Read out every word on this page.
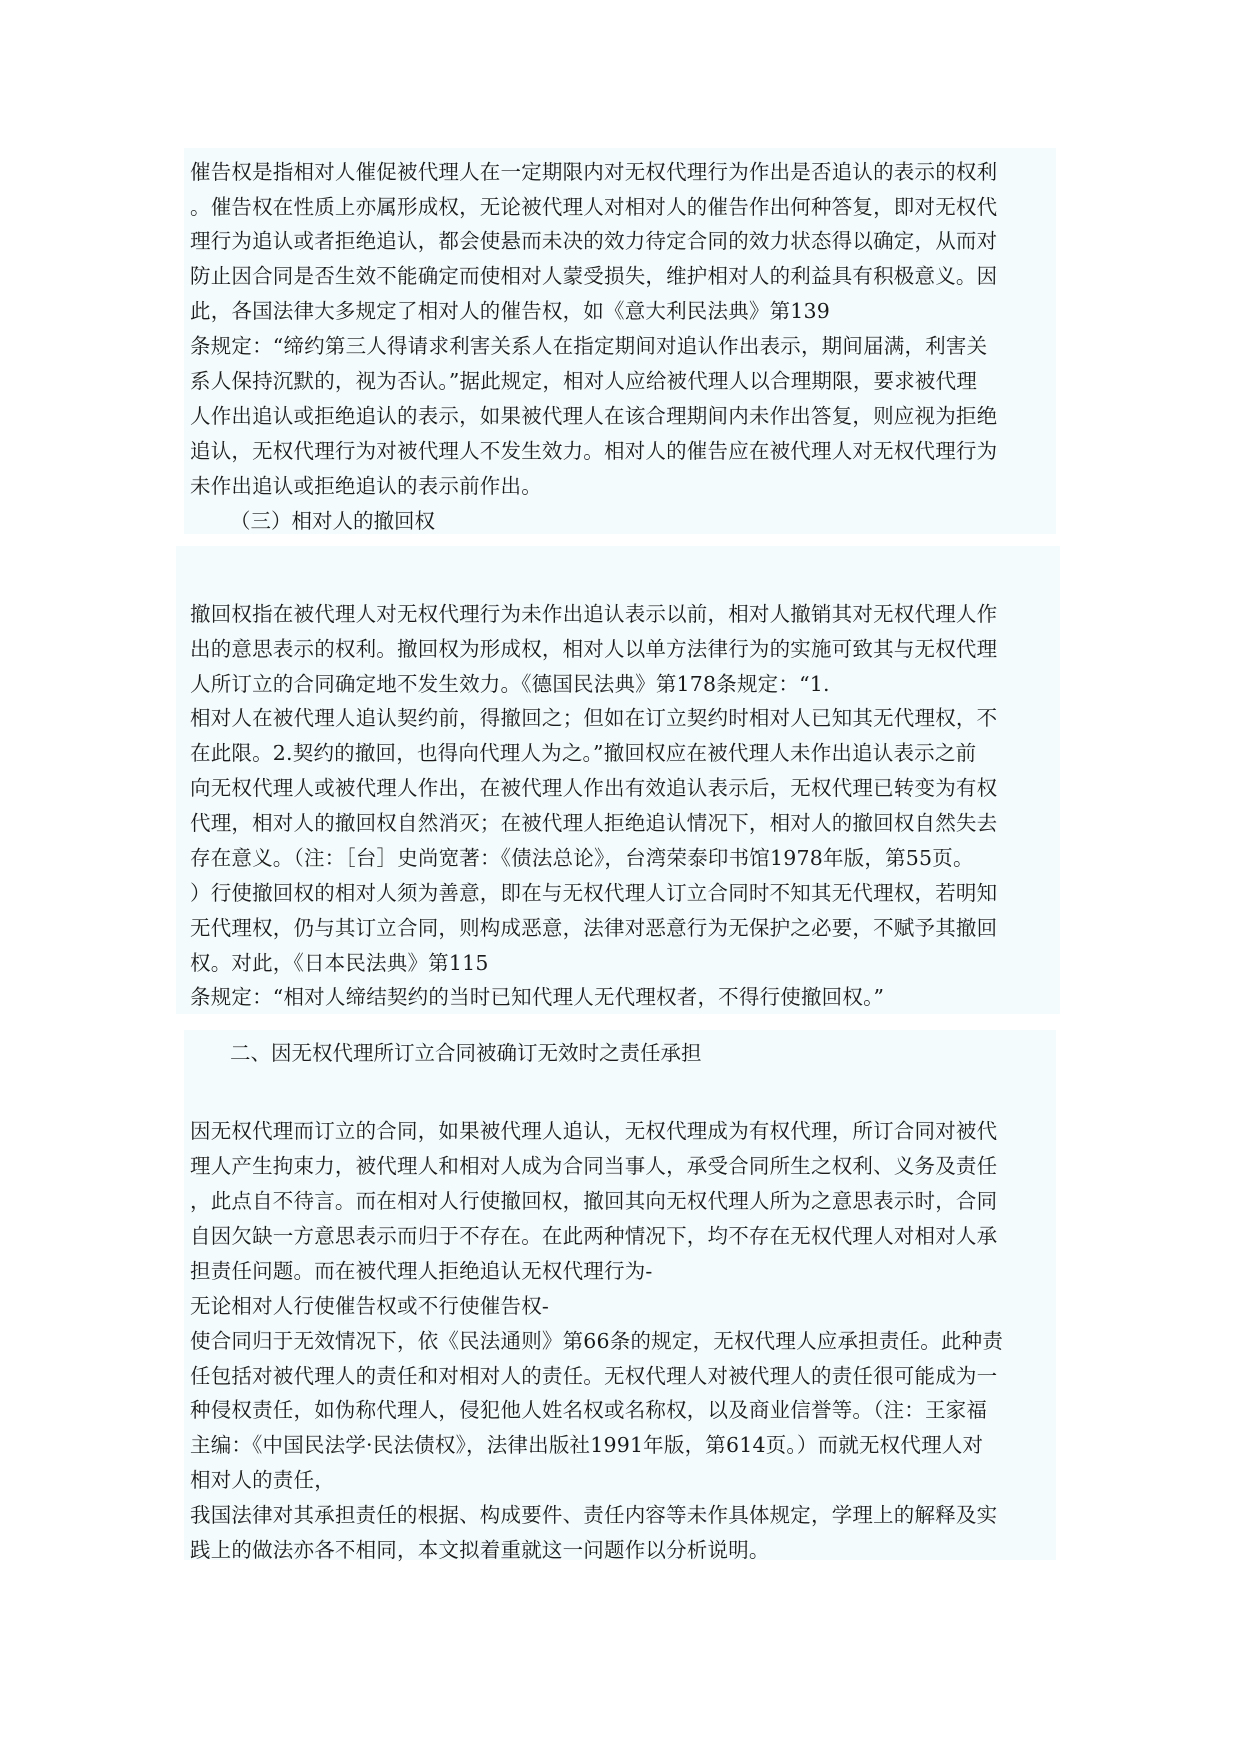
催告权是指相对人催促被代理人在一定期限内对无权代理行为作出是否追认的表示的权利
。催告权在性质上亦属形成权，无论被代理人对相对人的催告作出何种答复，即对无权代
理行为追认或者拒绝追认，都会使悬而未决的效力待定合同的效力状态得以确定，从而对
防止因合同是否生效不能确定而使相对人蒙受损失，维护相对人的利益具有积极意义。因
此，各国法律大多规定了相对人的催告权，如《意大利民法典》第139
条规定：“缔约第三人得请求利害关系人在指定期间对追认作出表示，期间届满，利害关
系人保持沉默的，视为否认。”据此规定，相对人应给被代理人以合理期限，要求被代理
人作出追认或拒绝追认的表示，如果被代理人在该合理期间内未作出答复，则应视为拒绝
追认，无权代理行为对被代理人不发生效力。相对人的催告应在被代理人对无权代理行为
未作出追认或拒绝追认的表示前作出。
（三）相对人的撤回权
撤回权指在被代理人对无权代理行为未作出追认表示以前，相对人撤销其对无权代理人作
出的意思表示的权利。撤回权为形成权，相对人以单方法律行为的实施可致其与无权代理
人所订立的合同确定地不发生效力。《德国民法典》第178条规定：“1.
相对人在被代理人追认契约前，得撤回之；但如在订立契约时相对人已知其无代理权，不
在此限。2.契约的撤回，也得向代理人为之。”撤回权应在被代理人未作出追认表示之前
向无权代理人或被代理人作出，在被代理人作出有效追认表示后，无权代理已转变为有权
代理，相对人的撤回权自然消灭；在被代理人拒绝追认情况下，相对人的撤回权自然失去
存在意义。（注：［台］史尚宽著：《债法总论》，台湾荣泰印书馆1978年版，第55页。
）行使撤回权的相对人须为善意，即在与无权代理人订立合同时不知其无代理权，若明知
无代理权，仍与其订立合同，则构成恶意，法律对恶意行为无保护之必要，不赋予其撤回
权。对此，《日本民法典》第115
条规定：“相对人缔结契约的当时已知代理人无代理权者，不得行使撤回权。”
二、因无权代理所订立合同被确订无效时之责任承担
因无权代理而订立的合同，如果被代理人追认，无权代理成为有权代理，所订合同对被代
理人产生拘束力，被代理人和相对人成为合同当事人，承受合同所生之权利、义务及责任
，此点自不待言。而在相对人行使撤回权，撤回其向无权代理人所为之意思表示时，合同
自因欠缺一方意思表示而归于不存在。在此两种情况下，均不存在无权代理人对相对人承
担责任问题。而在被代理人拒绝追认无权代理行为-
无论相对人行使催告权或不行使催告权-
使合同归于无效情况下，依《民法通则》第66条的规定，无权代理人应承担责任。此种责
任包括对被代理人的责任和对相对人的责任。无权代理人对被代理人的责任很可能成为一
种侵权责任，如伪称代理人，侵犯他人姓名权或名称权，以及商业信誉等。（注：王家福
主编：《中国民法学·民法债权》，法律出版社1991年版，第614页。）而就无权代理人对
相对人的责任，
我国法律对其承担责任的根据、构成要件、责任内容等未作具体规定，学理上的解释及实
践上的做法亦各不相同，本文拟着重就这一问题作以分析说明。
